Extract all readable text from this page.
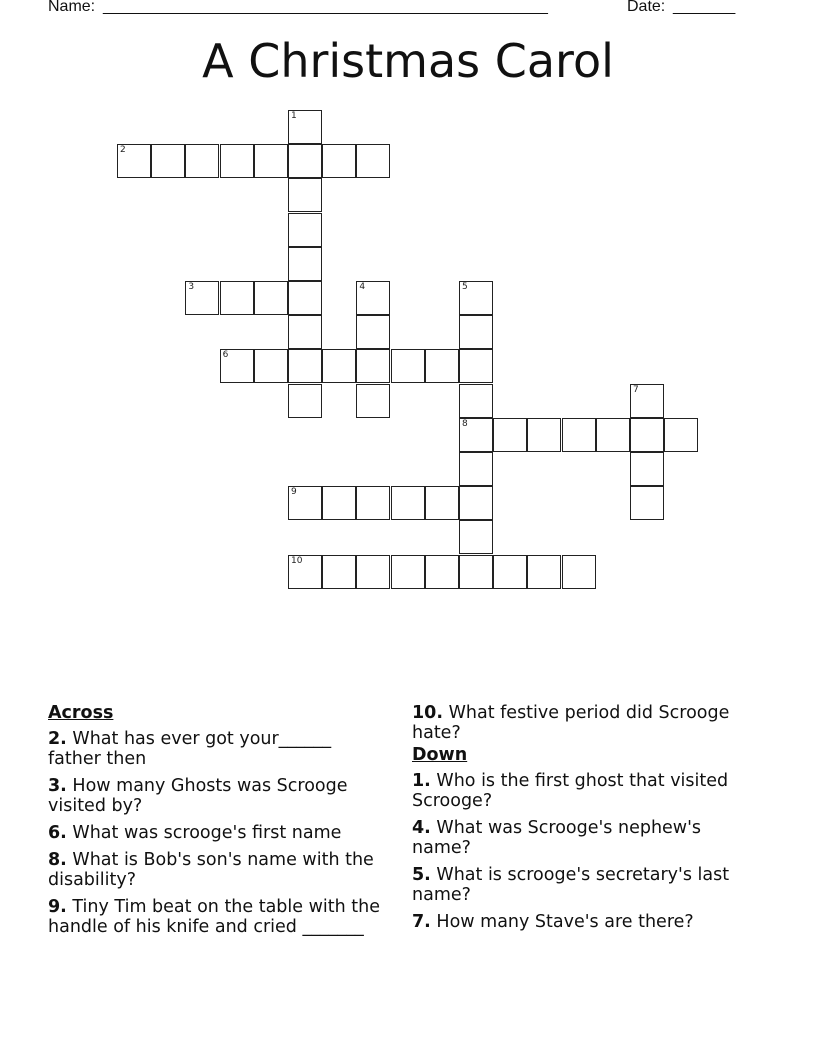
Name: __________________________________________________	Date: _______
A Christmas Carol
1
2
3	4	5
6
7
8
9
10
Across
2. What has ever got your______ father then
3. How many Ghosts was Scrooge visited by?
6. What was scrooge's first name
8. What is Bob's son's name with the disability?
9. Tiny Tim beat on the table with the handle of his knife and cried _______
10. What festive period did Scrooge hate?
Down
1. Who is the first ghost that visited Scrooge?
4. What was Scrooge's nephew's name?
5. What is scrooge's secretary's last name?
7. How many Stave's are there?
